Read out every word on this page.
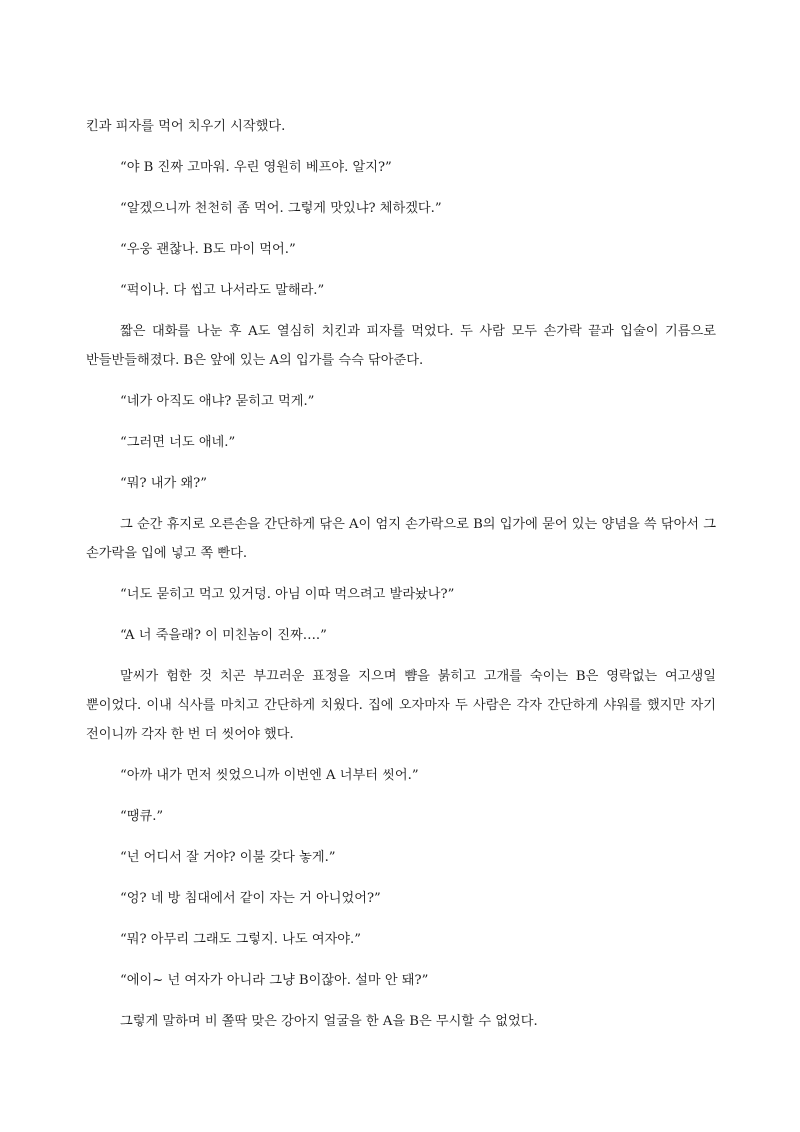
킨과 피자를 먹어 치우기 시작했다.

“야 B 진짜 고마워. 우린 영원히 베프야. 알지?”

“알겠으니까 천천히 좀 먹어. 그렇게 맛있냐? 체하겠다.”

“우웅 괜찮나. B도 마이 먹어.”

“퍽이나. 다 씹고 나서라도 말해라.”

짧은 대화를 나눈 후 A도 열심히 치킨과 피자를 먹었다. 두 사람 모두 손가락 끝과 입술이 기름으로 반들반들해졌다. B은 앞에 있는 A의 입가를 슥슥 닦아준다.

“네가 아직도 애냐? 묻히고 먹게.”

“그러면 너도 애네.”

“뭐? 내가 왜?”

그 순간 휴지로 오른손을 간단하게 닦은 A이 엄지 손가락으로 B의 입가에 묻어 있는 양념을 쓱 닦아서 그 손가락을 입에 넣고 쪽 빤다.

“너도 묻히고 먹고 있거덩. 아님 이따 먹으려고 발라놨나?”

“A 너 죽을래? 이 미친놈이 진짜….”

말씨가 험한 것 치곤 부끄러운 표정을 지으며 뺨을 붉히고 고개를 숙이는 B은 영락없는 여고생일 뿐이었다. 이내 식사를 마치고 간단하게 치웠다. 집에 오자마자 두 사람은 각자 간단하게 샤워를 했지만 자기 전이니까 각자 한 번 더 씻어야 했다.

“아까 내가 먼저 씻었으니까 이번엔 A 너부터 씻어.”

“땡큐.”

“넌 어디서 잘 거야? 이불 갖다 놓게.”

“엉? 네 방 침대에서 같이 자는 거 아니었어?”

“뭐? 아무리 그래도 그렇지. 나도 여자야.”

“에이~ 넌 여자가 아니라 그냥 B이잖아. 설마 안 돼?”

그렇게 말하며 비 쫄딱 맞은 강아지 얼굴을 한 A을 B은 무시할 수 없었다.
